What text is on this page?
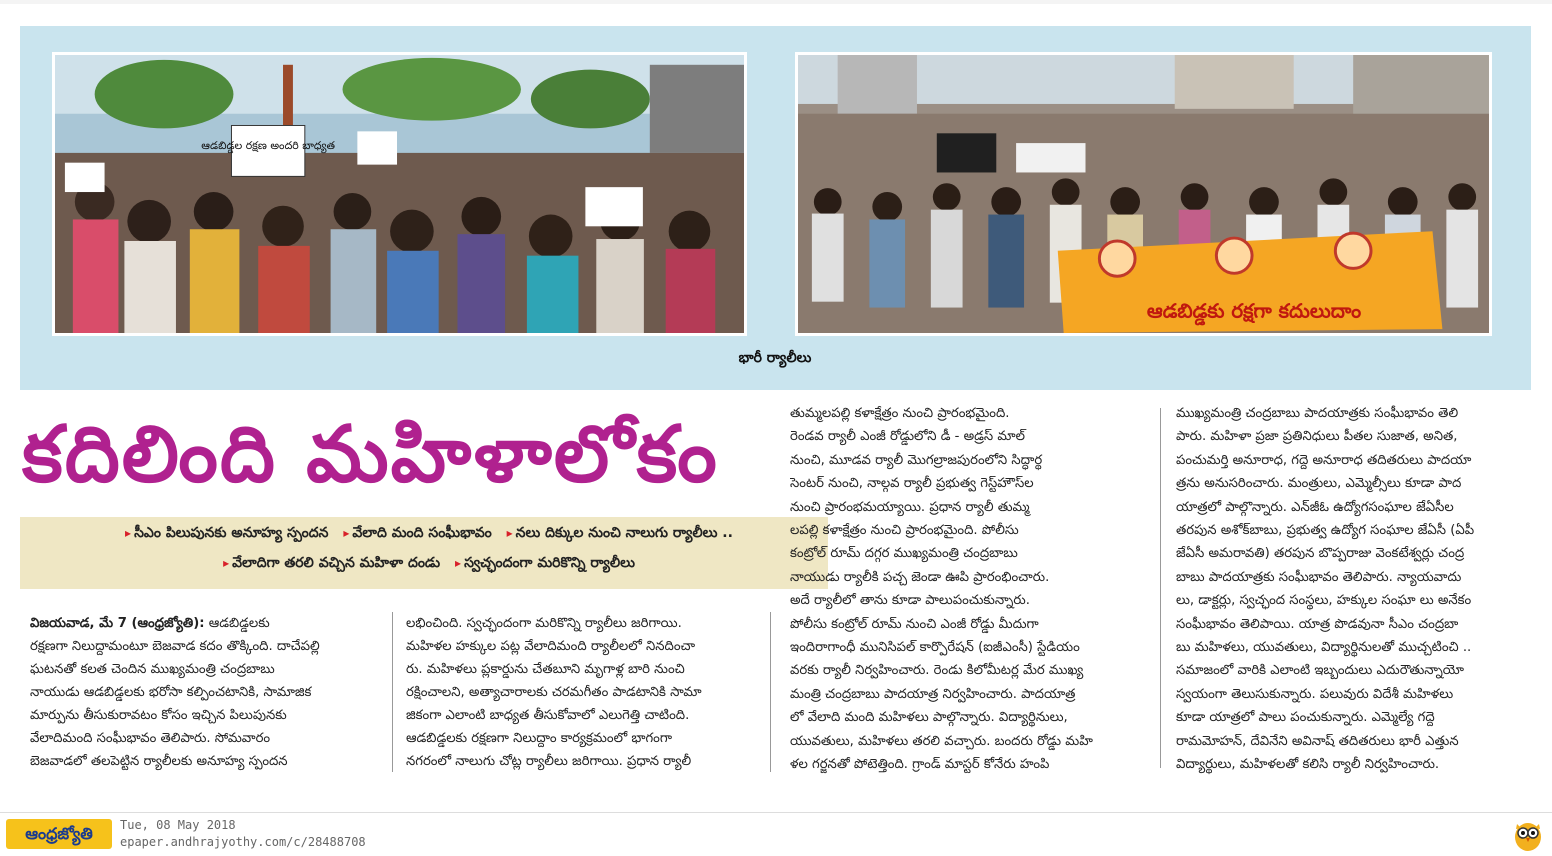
ఆడబిడ్డల రక్షణ అందరి బాధ్యత
ఆడబిడ్డకు రక్షగా కదులుదాం
భారీ ర్యాలీలు
కదిలింది మహిళాలోకం
▸ సీఎం పిలుపునకు అనూహ్య స్పందన ▸ వేలాది మంది సంఘీభావం ▸ నలు దిక్కుల నుంచి నాలుగు ర్యాలీలు ..
▸ వేలాదిగా తరలి వచ్చిన మహిళా దండు ▸ స్వచ్ఛందంగా మరికొన్ని ర్యాలీలు

విజయవాడ, మే 7 (ఆంధ్రజ్యోతి): ఆడబిడ్డలకు

రక్షణగా నిలుద్దామంటూ బెజవాడ కదం తొక్కింది. దాచేపల్లి

ఘటనతో కలత చెందిన ముఖ్యమంత్రి చంద్రబాబు

నాయుడు ఆడబిడ్డలకు భరోసా కల్పించటానికి, సామాజిక

మార్పును తీసుకురావటం కోసం ఇచ్చిన పిలుపునకు

వేలాదిమంది సంఘీభావం తెలిపారు. సోమవారం

బెజవాడలో తలపెట్టిన ర్యాలీలకు అనూహ్య స్పందన

లభించింది. స్వచ్ఛందంగా మరికొన్ని ర్యాలీలు జరిగాయి.

మహిళల హక్కుల పట్ల వేలాదిమంది ర్యాలీలలో నినదించా

రు. మహిళలు ప్లకార్డును చేతబూని మృగాళ్ల బారి నుంచి

రక్షించాలని, అత్యాచారాలకు చరమగీతం పాడటానికి సామా

జికంగా ఎలాంటి బాధ్యత తీసుకోవాలో ఎలుగెత్తి చాటింది.

ఆడబిడ్డలకు రక్షణగా నిలుద్దాం కార్యక్రమంలో భాగంగా

నగరంలో నాలుగు చోట్ల ర్యాలీలు జరిగాయి. ప్రధాన ర్యాలీ

తుమ్మలపల్లి కళాక్షేత్రం నుంచి ప్రారంభమైంది.

రెండవ ర్యాలీ ఎంజీ రోడ్డులోని డీ - అడ్రస్ మాల్

నుంచి, మూడవ ర్యాలీ మొగల్రాజపురంలోని సిద్ధార్థ

సెంటర్ నుంచి, నాల్గవ ర్యాలీ ప్రభుత్వ గెస్ట్‌హౌస్‌ల

నుంచి ప్రారంభమయ్యాయి. ప్రధాన ర్యాలీ తుమ్మ

లపల్లి కళాక్షేత్రం నుంచి ప్రారంభమైంది. పోలీసు

కంట్రోల్ రూమ్ దగ్గర ముఖ్యమంత్రి చంద్రబాబు

నాయుడు ర్యాలీకి పచ్చ జెండా ఊపి ప్రారంభించారు.

అదే ర్యాలీలో తాను కూడా పాలుపంచుకున్నారు.

పోలీసు కంట్రోల్ రూమ్ నుంచి ఎంజీ రోడ్డు మీదుగా

ఇందిరాగాంధీ మునిసిపల్ కార్పొరేషన్ (ఐజీఎంసీ) స్టేడియం

వరకు ర్యాలీ నిర్వహించారు. రెండు కిలోమీటర్ల మేర ముఖ్య

మంత్రి చంద్రబాబు పాదయాత్ర నిర్వహించారు. పాదయాత్ర

లో వేలాది మంది మహిళలు పాల్గొన్నారు. విద్యార్థినులు,

యువతులు, మహిళలు తరలి వచ్చారు. బందరు రోడ్డు మహి

ళల గర్జనతో పోటెత్తింది. గ్రాండ్ మాస్టర్ కోనేరు హంపి

ముఖ్యమంత్రి చంద్రబాబు పాదయాత్రకు సంఘీభావం తెలి

పారు. మహిళా ప్రజా ప్రతినిధులు పీతల సుజాత, అనిత,

పంచుమర్తి అనూరాధ, గద్దె అనూరాధ తదితరులు పాదయా

త్రను అనుసరించారు. మంత్రులు, ఎమ్మెల్సీలు కూడా పాద

యాత్రలో పాల్గొన్నారు. ఎన్‌జీఓ ఉద్యోగసంఘాల జేఏసీల

తరపున అశోక్‌బాబు, ప్రభుత్వ ఉద్యోగ సంఘాల జేఏసీ (ఏపీ

జేఏసీ అమరావతి) తరపున బొప్పరాజు వెంకటేశ్వర్లు చంద్ర

బాబు పాదయాత్రకు సంఘీభావం తెలిపారు. న్యాయవాదు

లు, డాక్టర్లు, స్వచ్ఛంద సంస్థలు, హక్కుల సంఘా లు అనేకం

సంఘీభావం తెలిపాయి. యాత్ర పొడవునా సీఎం చంద్రబా

బు మహిళలు, యువతులు, విద్యార్థినులతో ముచ్చటించి ..

సమాజంలో వారికి ఎలాంటి ఇబ్బందులు ఎదురౌతున్నాయో

స్వయంగా తెలుసుకున్నారు. పలువురు విదేశీ మహిళలు

కూడా యాత్రలో పాలు పంచుకున్నారు. ఎమ్మెల్యే గద్దె

రామమోహన్, దేవినేని అవినాష్ తదితరులు భారీ ఎత్తున

విద్యార్థులు, మహిళలతో కలిసి ర్యాలీ నిర్వహించారు.

ఆంధ్రజ్యోతి	Tue, 08 May 2018
epaper.andhrajyothy.com/c/28488708
